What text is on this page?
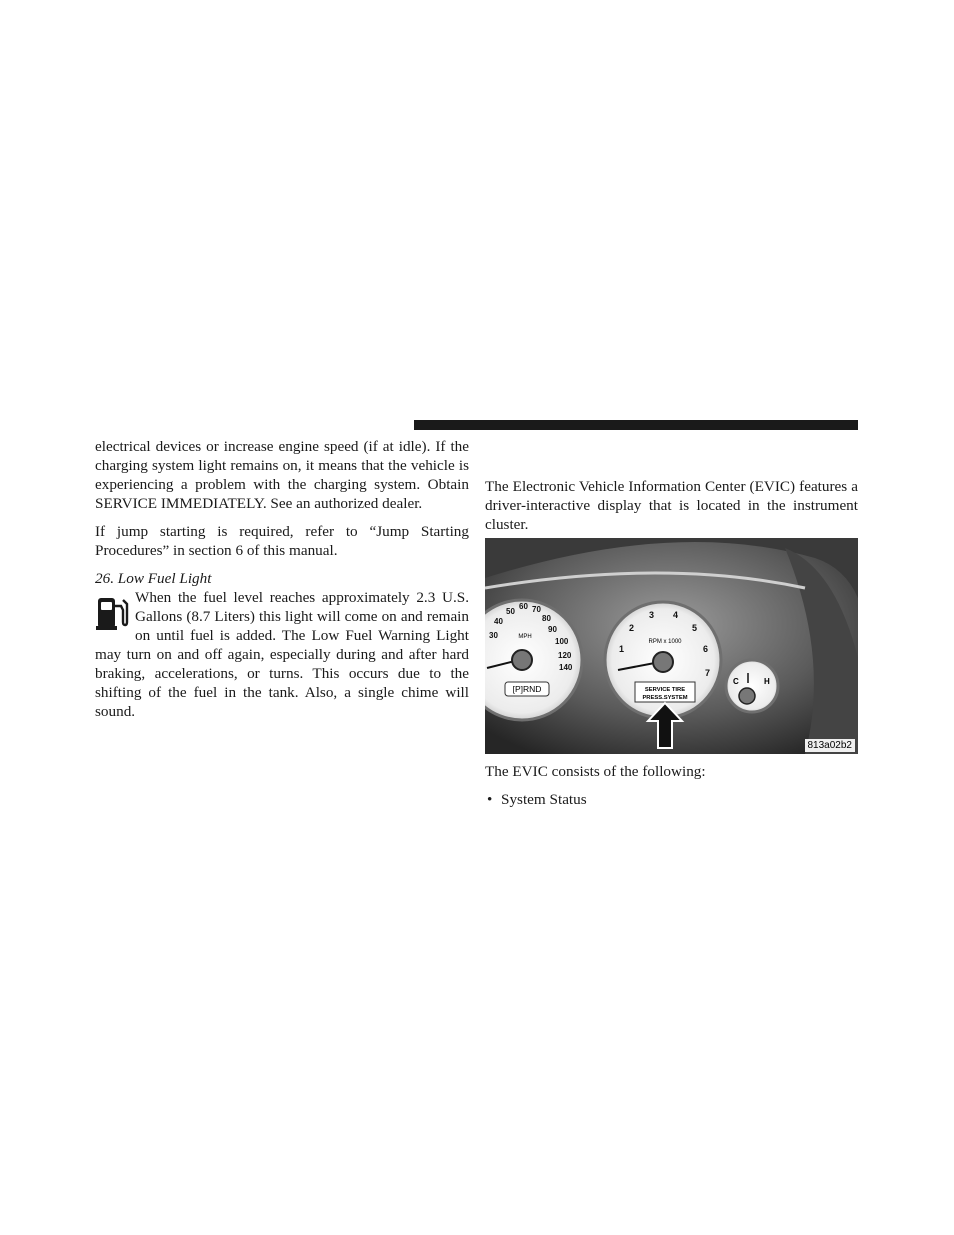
electrical devices or increase engine speed (if at idle). If the charging system light remains on, it means that the vehicle is experiencing a problem with the charging system. Obtain SERVICE IMMEDIATELY. See an authorized dealer.

If jump starting is required, refer to “Jump Starting Procedures” in section 6 of this manual.

26. Low Fuel Light

When the fuel level reaches approximately 2.3 U.S. Gallons (8.7 Liters) this light will come on and remain on until fuel is added. The Low Fuel Warning Light may turn on and off again, especially during and after hard braking, accelerations, or turns. This occurs due to the shifting of the fuel in the tank. Also, a single chime will sound.

The Electronic Vehicle Information Center (EVIC) features a driver-interactive display that is located in the instrument cluster.

MPH
30
40
50
60 70
80
90
100
120
140
[P]RND
RPM x 1000
1
2
3 4
5
6
7
SERVICE TIRE
PRESS.SYSTEM
C	H
813a02b2

The EVIC consists of the following:

• System Status
